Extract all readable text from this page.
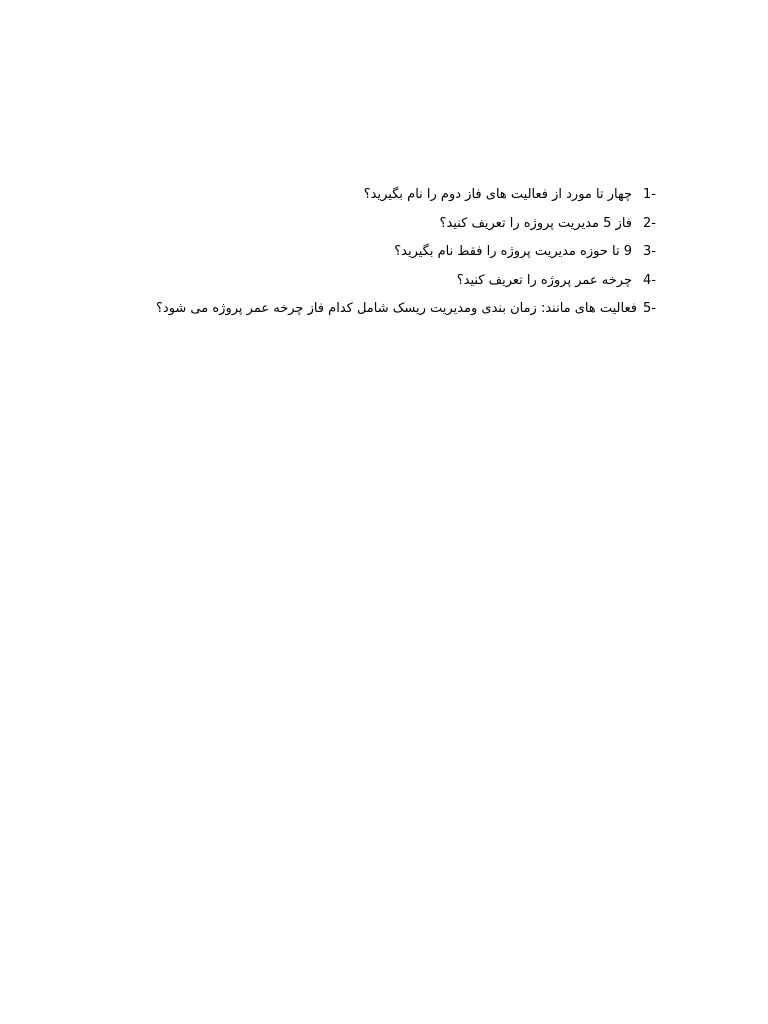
1-
چهار تا مورد از فعالیت های فاز دوم را نام بگیرید؟
2-
فاز 5 مدیریت پروژه را تعریف کنید؟
3-
9 تا حوزه مدیریت پروژه را فقط نام بگیرید؟
4-
چرخه عمر پروژه را تعریف کنید؟
5-
فعالیت های مانند: زمان بندی ومدیریت ریسک شامل کدام فاز چرخه عمر پروژه می شود؟
